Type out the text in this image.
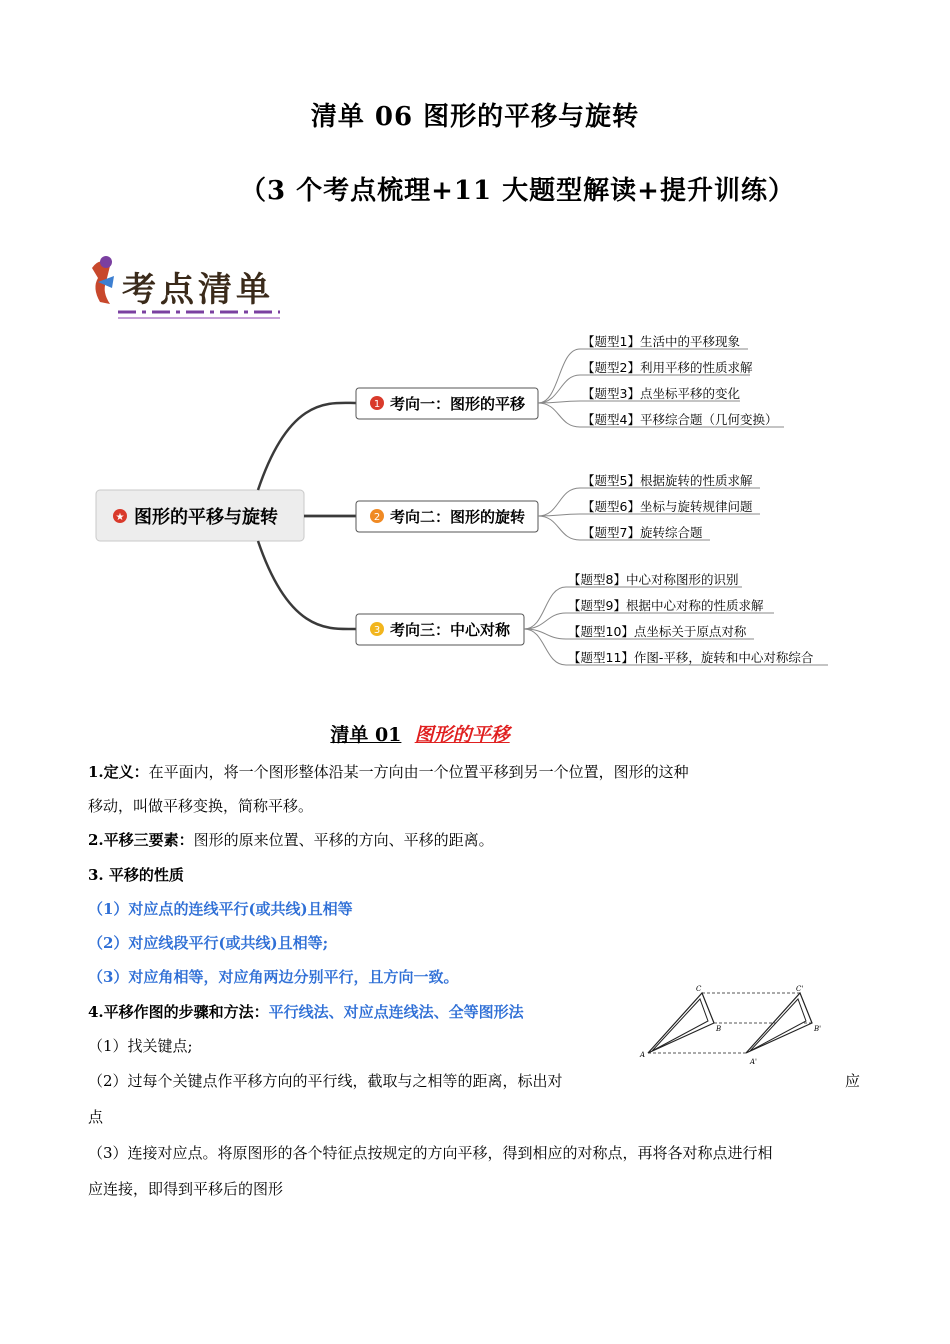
清单 06 图形的平移与旋转
（3 个考点梳理+11 大题型解读+提升训练）
考点清单
★ 图形的平移与旋转
1 考向一：图形的平移
【题型1】生活中的平移现象
【题型2】利用平移的性质求解
【题型3】点坐标平移的变化
【题型4】平移综合题（几何变换）
2 考向二：图形的旋转
【题型5】根据旋转的性质求解
【题型6】坐标与旋转规律问题
【题型7】旋转综合题
3 考向三：中心对称
【题型8】中心对称图形的识别
【题型9】根据中心对称的性质求解
【题型10】点坐标关于原点对称
【题型11】作图-平移，旋转和中心对称综合
清单 01 图形的平移
1.定义：在平面内，将一个图形整体沿某一方向由一个位置平移到另一个位置，图形的这种
移动，叫做平移变换，简称平移。
2.平移三要素：图形的原来位置、平移的方向、平移的距离。
3. 平移的性质
（1）对应点的连线平行(或共线)且相等
（2）对应线段平行(或共线)且相等;
（3）对应角相等，对应角两边分别平行，且方向一致。
4.平移作图的步骤和方法：平行线法、对应点连线法、全等图形法
（1）找关键点;
（2）过每个关键点作平移方向的平行线，截取与之相等的距离，标出对	应
点
（3）连接对应点。将原图形的各个特征点按规定的方向平移，得到相应的对称点，再将各对称点进行相
应连接，即得到平移后的图形
A
B
C
A'
B'
C'
